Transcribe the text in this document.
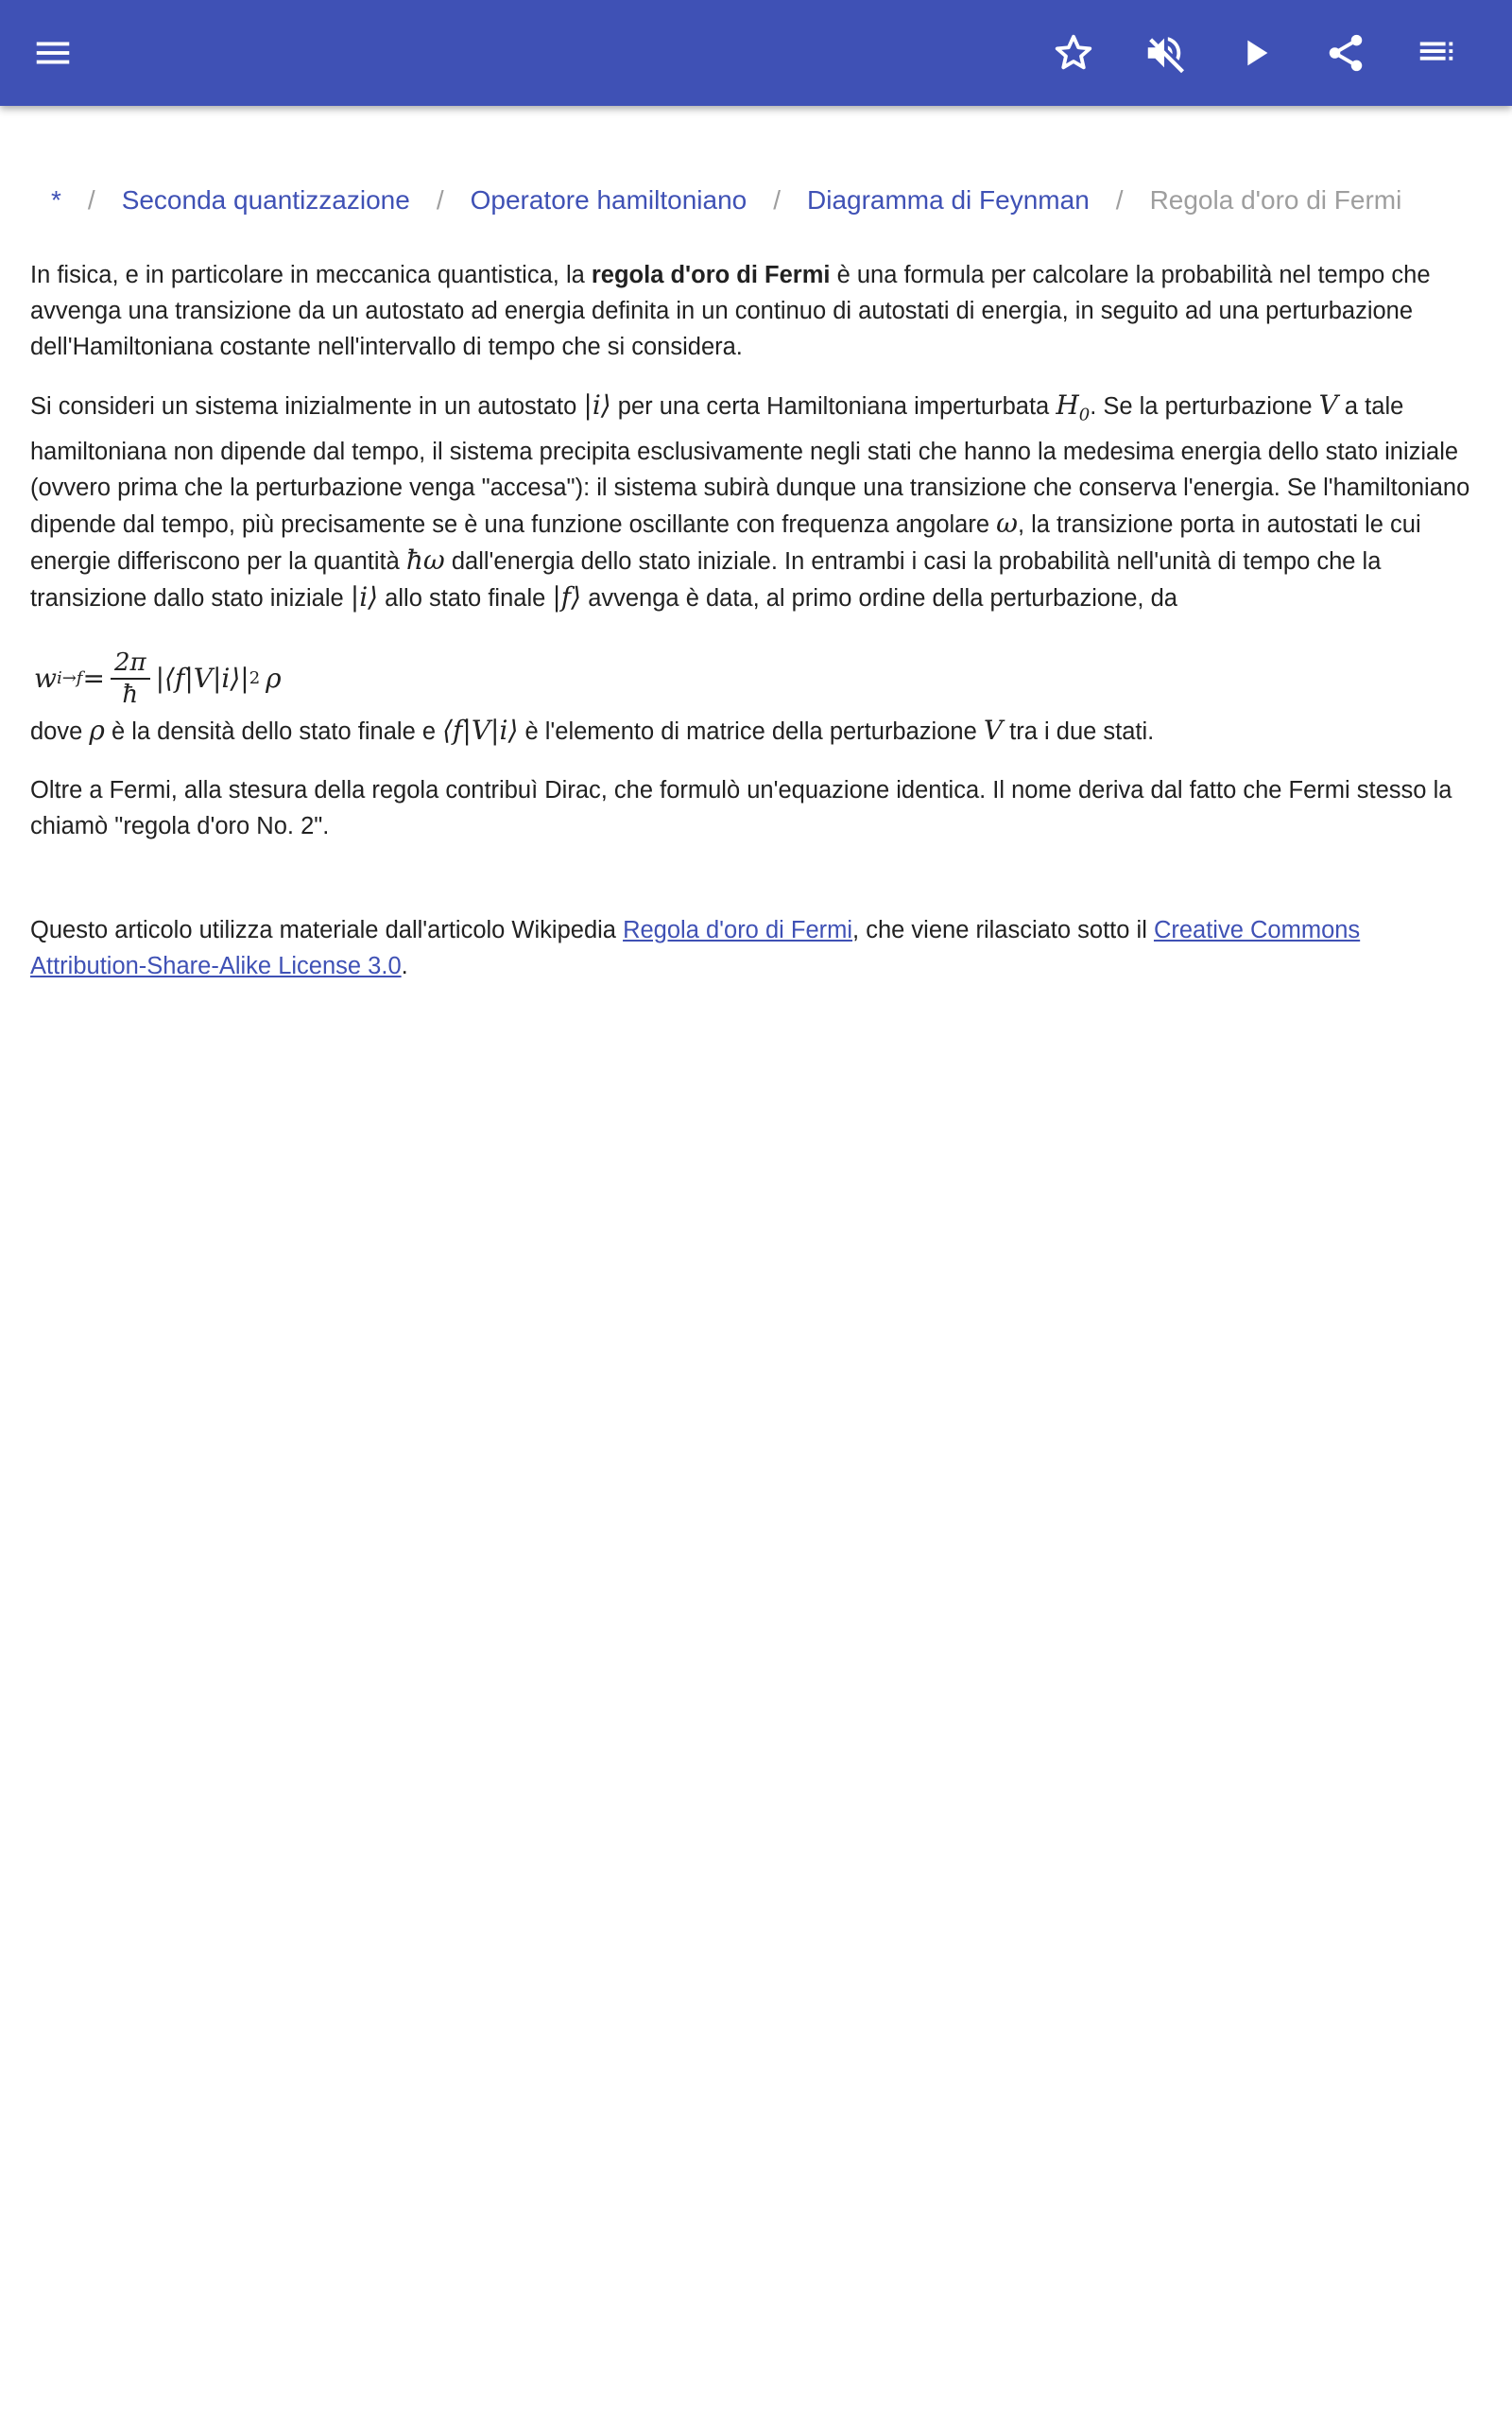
* / Seconda quantizzazione / Operatore hamiltoniano / Diagramma di Feynman / Regola d'oro di Fermi

In fisica, e in particolare in meccanica quantistica, la regola d'oro di Fermi è una formula per calcolare la probabilità nel tempo che avvenga una transizione da un autostato ad energia definita in un continuo di autostati di energia, in seguito ad una perturbazione dell'Hamiltoniana costante nell'intervallo di tempo che si considera.

Si consideri un sistema inizialmente in un autostato |i⟩ per una certa Hamiltoniana imperturbata $H_0$. Se la perturbazione V a tale hamiltoniana non dipende dal tempo, il sistema precipita esclusivamente negli stati che hanno la medesima energia dello stato iniziale (ovvero prima che la perturbazione venga "accesa"): il sistema subirà dunque una transizione che conserva l'energia. Se l'hamiltoniano dipende dal tempo, più precisamente se è una funzione oscillante con frequenza angolare ω, la transizione porta in autostati le cui energie differiscono per la quantità ħω dall'energia dello stato iniziale. In entrambi i casi la probabilità nell'unità di tempo che la transizione dallo stato iniziale |i⟩ allo stato finale |f⟩ avvenga è data, al primo ordine della perturbazione, da

w $i\to f = \frac{2\pi}{ħ}$ |⟨f|V|i⟩| 2 ρ

dove ρ è la densità dello stato finale e ⟨f|V|i⟩ è l'elemento di matrice della perturbazione V tra i due stati.

Oltre a Fermi, alla stesura della regola contribuì Dirac, che formulò un'equazione identica. Il nome deriva dal fatto che Fermi stesso la chiamò "regola d'oro No. 2".

Questo articolo utilizza materiale dall'articolo Wikipedia Regola d'oro di Fermi, che viene rilasciato sotto il Creative Commons Attribution-Share-Alike License 3.0.
